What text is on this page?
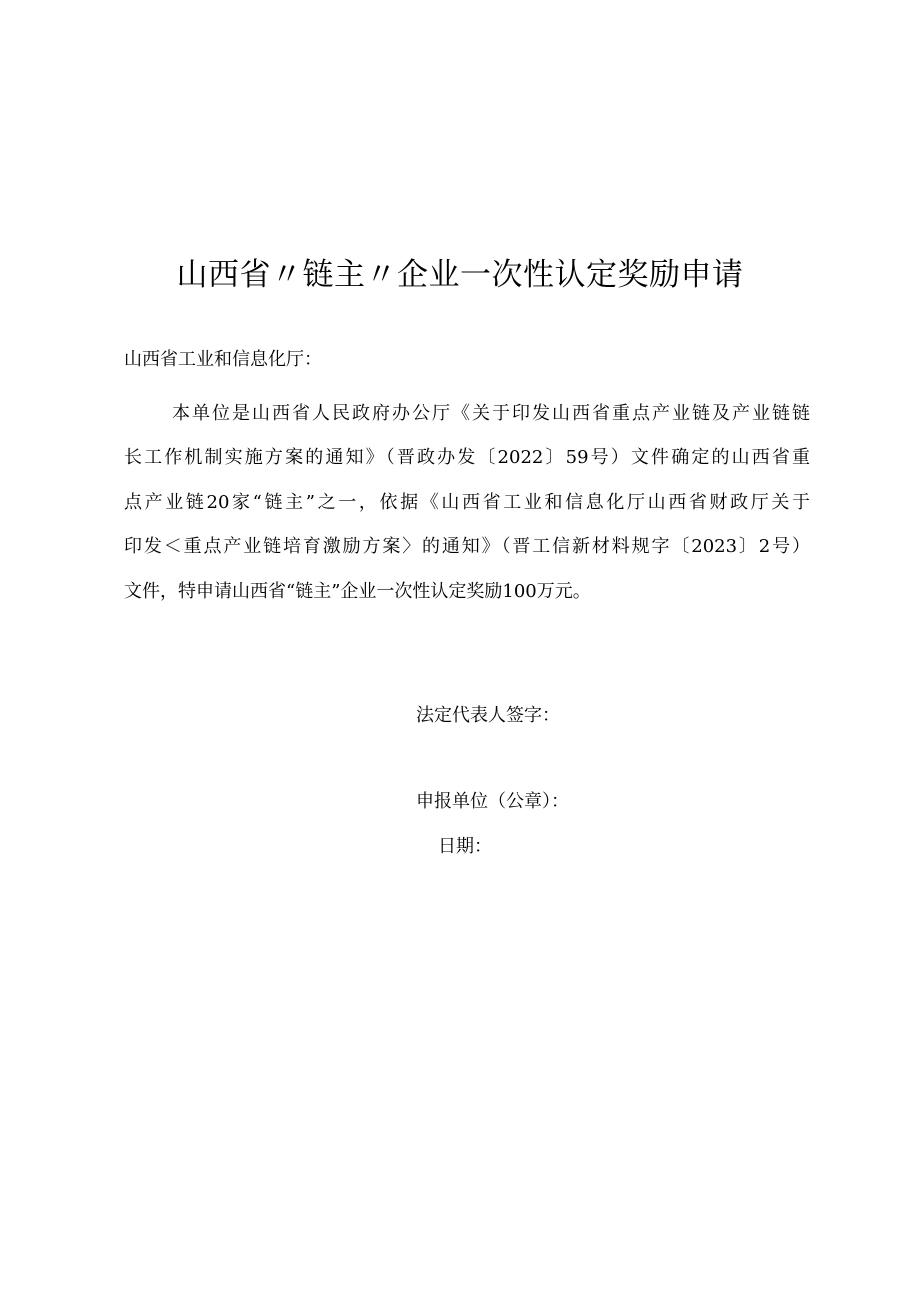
山西省〃链主〃企业一次性认定奖励申请
山西省工业和信息化厅：
本单位是山西省人民政府办公厅《关于印发山西省重点产业链及产业链链
长工作机制实施方案的通知》（晋政办发〔2022〕59号）文件确定的山西省重
点产业链20家“链主”之一，依据《山西省工业和信息化厅山西省财政厅关于
印发＜重点产业链培育激励方案〉的通知》（晋工信新材料规字〔2023〕2号）
文件，特申请山西省“链主”企业一次性认定奖励100万元。
法定代表人签字：
申报单位（公章）：
日期：
